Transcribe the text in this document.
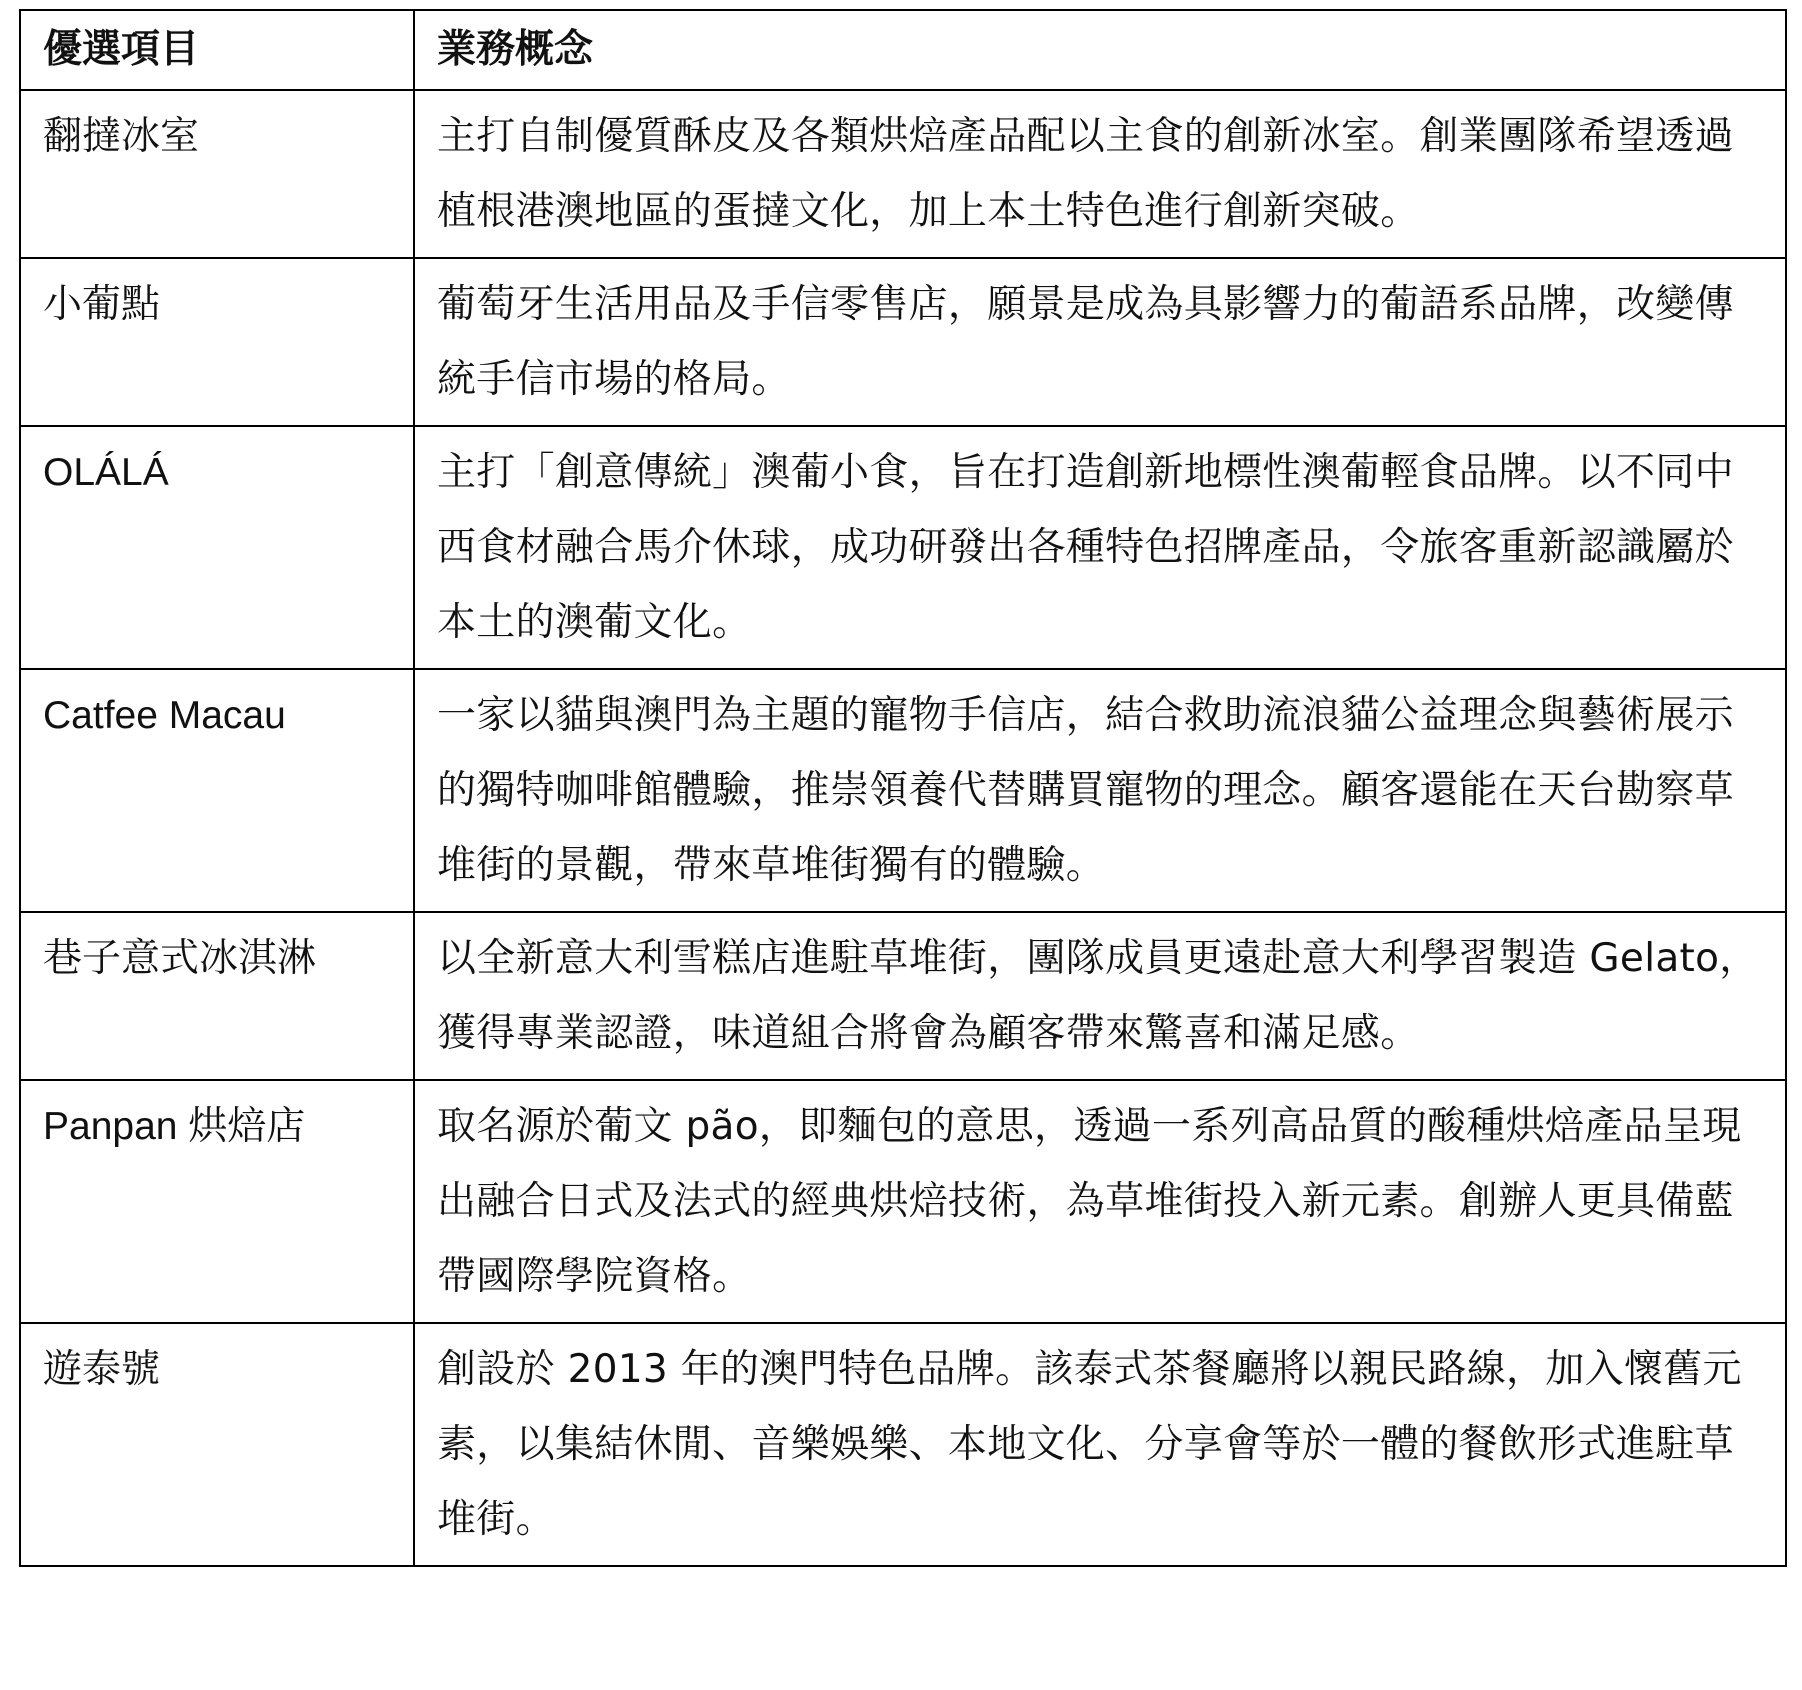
優選項目	業務概念
翻撻冰室	主打自制優質酥皮及各類烘焙產品配以主食的創新冰室。創業團隊希望透過植根港澳地區的蛋撻文化，加上本土特色進行創新突破。
小葡點	葡萄牙生活用品及手信零售店，願景是成為具影響力的葡語系品牌，改變傳統手信市場的格局。
OLÁLÁ	主打「創意傳統」澳葡小食，旨在打造創新地標性澳葡輕食品牌。以不同中西食材融合馬介休球，成功研發出各種特色招牌產品，令旅客重新認識屬於本土的澳葡文化。
Catfee Macau	一家以貓與澳門為主題的寵物手信店，結合救助流浪貓公益理念與藝術展示的獨特咖啡館體驗，推崇領養代替購買寵物的理念。顧客還能在天台勘察草堆街的景觀，帶來草堆街獨有的體驗。
巷子意式冰淇淋	以全新意大利雪糕店進駐草堆街，團隊成員更遠赴意大利學習製造 Gelato，獲得專業認證，味道組合將會為顧客帶來驚喜和滿足感。
Panpan 烘焙店	取名源於葡文 pão，即麵包的意思，透過一系列高品質的酸種烘焙產品呈現出融合日式及法式的經典烘焙技術，為草堆街投入新元素。創辦人更具備藍帶國際學院資格。
遊泰號	創設於 2013 年的澳門特色品牌。該泰式茶餐廳將以親民路線，加入懷舊元素，以集結休閒、音樂娛樂、本地文化、分享會等於一體的餐飲形式進駐草堆街。
